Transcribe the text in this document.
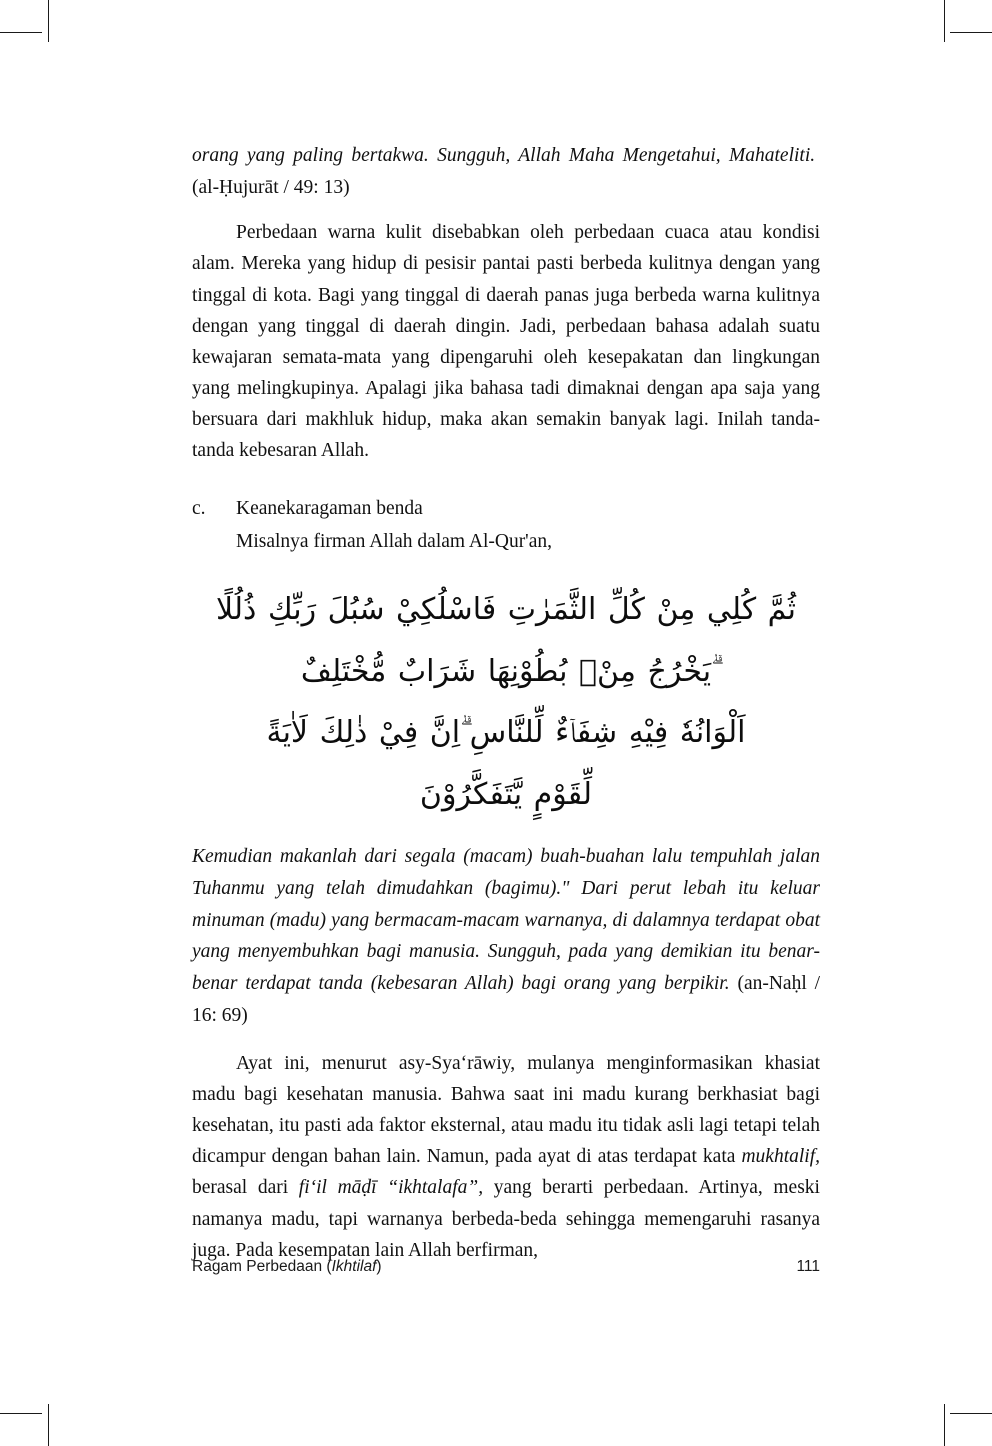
orang yang paling bertakwa. Sungguh, Allah Maha Mengetahui, Mahateliti.  (al-Ḥujurāt / 49: 13)

Perbedaan warna kulit disebabkan oleh perbedaan cuaca atau kondisi alam. Mereka yang hidup di pesisir pantai pasti berbeda kulitnya dengan yang tinggal di kota. Bagi yang tinggal di daerah panas juga berbeda warna kulitnya dengan yang tinggal di daerah dingin. Jadi, perbedaan bahasa adalah suatu kewajaran semata-mata yang dipengaruhi oleh kesepakatan dan lingkungan yang melingkupinya. Apalagi jika bahasa tadi dimaknai dengan apa saja yang bersuara dari makhluk hidup, maka akan semakin banyak lagi. Inilah tanda-tanda kebesaran Allah.

c.	Keanekaragaman benda

Misalnya firman Allah dalam Al-Qur'an,

ثُمَّ كُلِي مِنْ كُلِّ الثَّمَرٰتِ فَاسْلُكِيْ سُبُلَ رَبِّكِ ذُلُلًا ۗيَخْرُجُ مِنْۢ بُطُوْنِهَا شَرَابٌ مُّخْتَلِفٌ
اَلْوَانُهٗ فِيْهِ شِفَاۤءٌ لِّلنَّاسِ ۗاِنَّ فِيْ ذٰلِكَ لَاٰيَةً لِّقَوْمٍ يَّتَفَكَّرُوْنَ

Kemudian makanlah dari segala (macam) buah-buahan lalu tempuhlah jalan Tuhanmu yang telah dimudahkan (bagimu)." Dari perut lebah itu keluar minuman (madu) yang bermacam-macam warnanya, di dalamnya terdapat obat yang menyembuhkan bagi manusia. Sungguh, pada yang demikian itu benar-benar terdapat tanda (kebesaran Allah) bagi orang yang berpikir. (an-Naḥl / 16: 69)

Ayat ini, menurut asy-Sya‘rāwiy, mulanya menginformasikan khasiat madu bagi kesehatan manusia. Bahwa saat ini madu kurang berkhasiat bagi kesehatan, itu pasti ada faktor eksternal, atau madu itu tidak asli lagi tetapi telah dicampur dengan bahan lain. Namun, pada ayat di atas terdapat kata mukhtalif, berasal dari fi‘il māḍī “ikhtalafa”, yang berarti perbedaan. Artinya, meski namanya madu, tapi warnanya berbeda-beda sehingga memengaruhi rasanya juga. Pada kesempatan lain Allah berfirman,

Ragam Perbedaan (Ikhtilaf)	111
